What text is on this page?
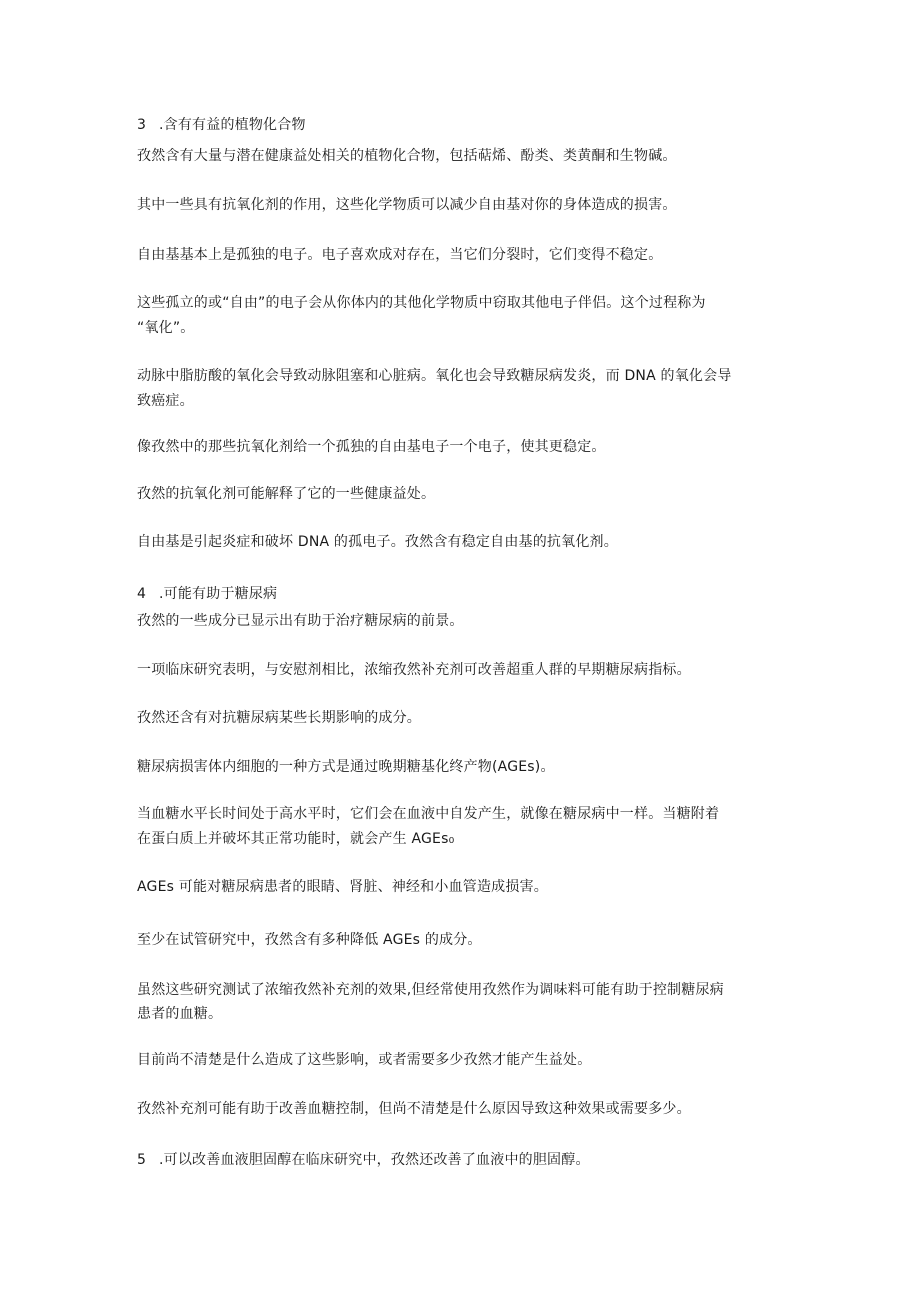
3 .含有有益的植物化合物
孜然含有大量与潜在健康益处相关的植物化合物，包括萜烯、酚类、类黄酮和生物碱。
其中一些具有抗氧化剂的作用，这些化学物质可以减少自由基对你的身体造成的损害。
自由基基本上是孤独的电子。电子喜欢成对存在，当它们分裂时，它们变得不稳定。
这些孤立的或“自由”的电子会从你体内的其他化学物质中窃取其他电子伴侣。这个过程称为
“氧化”。
动脉中脂肪酸的氧化会导致动脉阻塞和心脏病。氧化也会导致糖尿病发炎，而 DNA 的氧化会导
致癌症。
像孜然中的那些抗氧化剂给一个孤独的自由基电子一个电子，使其更稳定。
孜然的抗氧化剂可能解释了它的一些健康益处。
自由基是引起炎症和破坏 DNA 的孤电子。孜然含有稳定自由基的抗氧化剂。
4 .可能有助于糖尿病
孜然的一些成分已显示出有助于治疗糖尿病的前景。
一项临床研究表明，与安慰剂相比，浓缩孜然补充剂可改善超重人群的早期糖尿病指标。
孜然还含有对抗糖尿病某些长期影响的成分。
糖尿病损害体内细胞的一种方式是通过晚期糖基化终产物(AGEs)。
当血糖水平长时间处于高水平时，它们会在血液中自发产生，就像在糖尿病中一样。当糖附着
在蛋白质上并破坏其正常功能时，就会产生 AGEs₀
AGEs 可能对糖尿病患者的眼睛、肾脏、神经和小血管造成损害。
至少在试管研究中，孜然含有多种降低 AGEs 的成分。
虽然这些研究测试了浓缩孜然补充剂的效果,但经常使用孜然作为调味料可能有助于控制糖尿病
患者的血糖。
目前尚不清楚是什么造成了这些影响，或者需要多少孜然才能产生益处。
孜然补充剂可能有助于改善血糖控制，但尚不清楚是什么原因导致这种效果或需要多少。
5 .可以改善血液胆固醇在临床研究中，孜然还改善了血液中的胆固醇。
